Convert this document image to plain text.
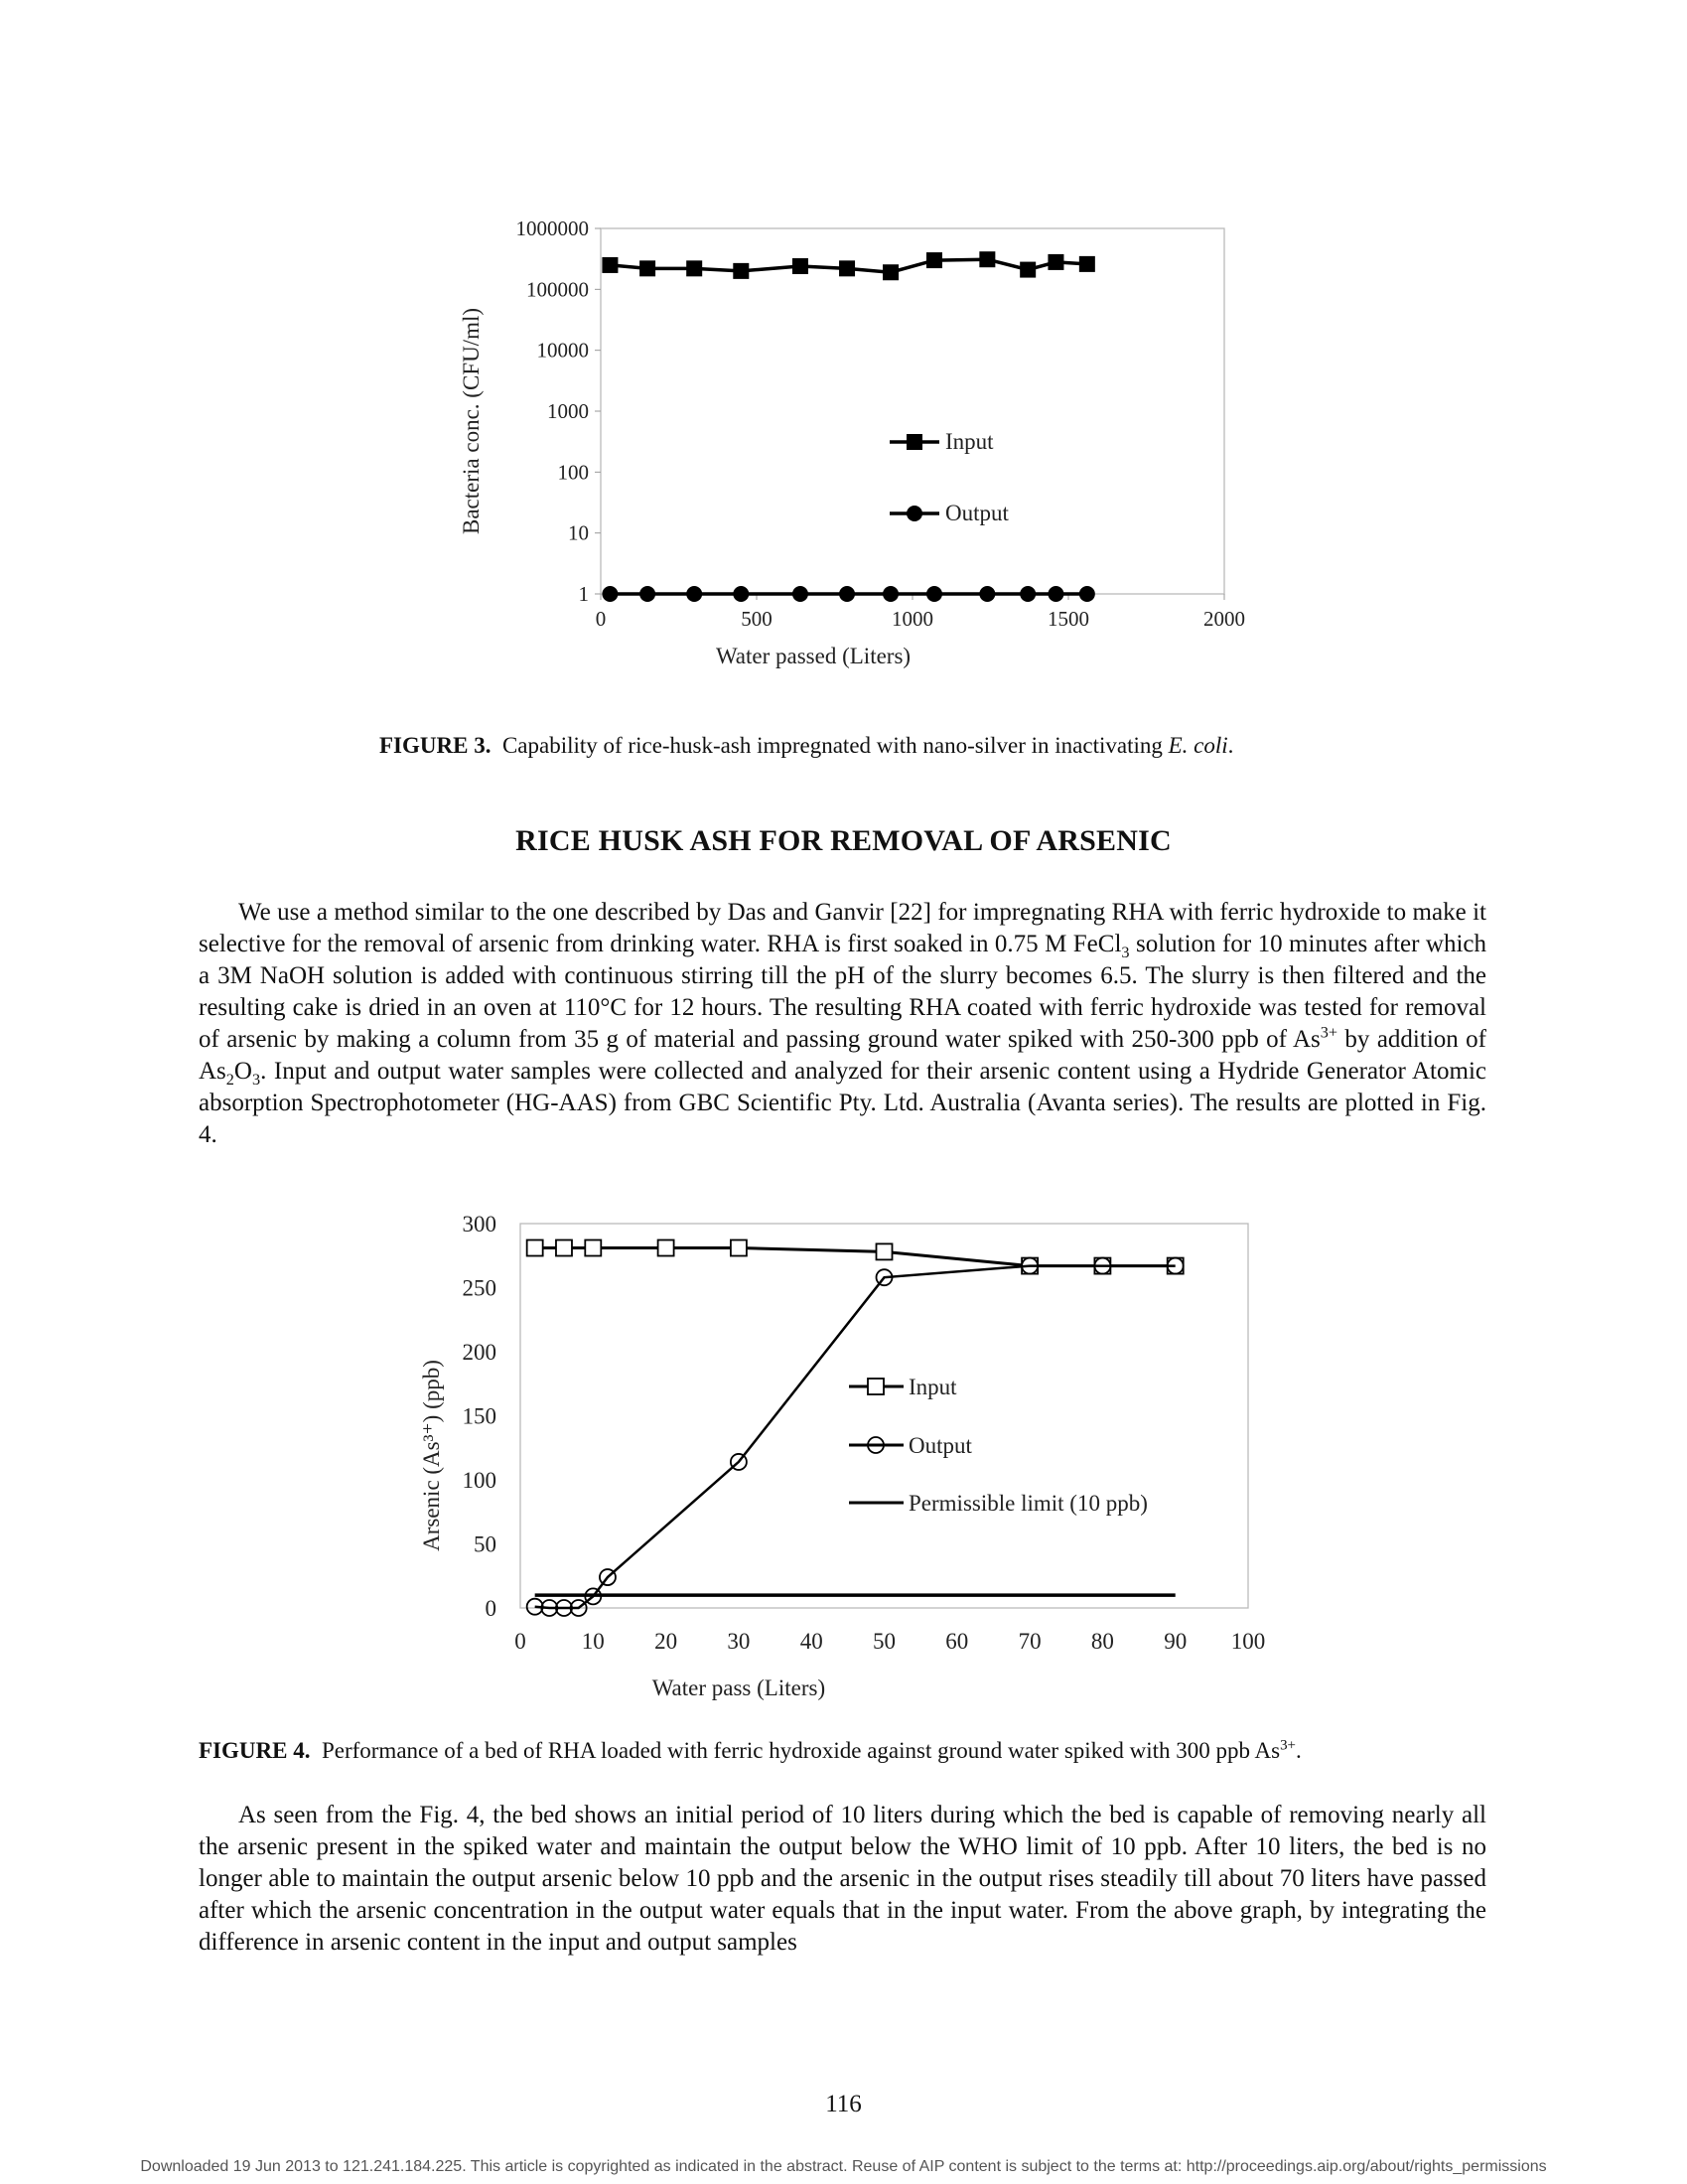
1
10
100
1000
10000
100000
1000000
0	500	1000	1500	2000
Water passed (Liters)
Bacteria conc. (CFU/ml)	Input
Output
FIGURE 3. Capability of rice-husk-ash impregnated with nano-silver in inactivating E. coli.
RICE HUSK ASH FOR REMOVAL OF ARSENIC

We use a method similar to the one described by Das and Ganvir [22] for impregnating RHA with ferric hydroxide to make it selective for the removal of arsenic from drinking water. RHA is first soaked in 0.75 M FeCl$_3$ solution for 10 minutes after which a 3M NaOH solution is added with continuous stirring till the pH of the slurry becomes 6.5. The slurry is then filtered and the resulting cake is dried in an oven at 110°C for 12 hours. The resulting RHA coated with ferric hydroxide was tested for removal of arsenic by making a column from 35 g of material and passing ground water spiked with 250-300 ppb of $As^{3+}$ by addition of $As_2O_3$. Input and output water samples were collected and analyzed for their arsenic content using a Hydride Generator Atomic absorption Spectrophotometer (HG-AAS) from GBC Scientific Pty. Ltd. Australia (Avanta series). The results are plotted in Fig. 4.

0
50
100
150
200
250
300
0 10 20 30 40 50 60 70 80 90 100
Water pass (Liters)
Arsenic (As³⁺) (ppb)	Input
Output
Permissible limit (10 ppb)
FIGURE 4. Performance of a bed of RHA loaded with ferric hydroxide against ground water spiked with 300 ppb $As^{3+}$.

As seen from the Fig. 4, the bed shows an initial period of 10 liters during which the bed is capable of removing nearly all the arsenic present in the spiked water and maintain the output below the WHO limit of 10 ppb. After 10 liters, the bed is no longer able to maintain the output arsenic below 10 ppb and the arsenic in the output rises steadily till about 70 liters have passed after which the arsenic concentration in the output water equals that in the input water. From the above graph, by integrating the difference in arsenic content in the input and output samples

116
Downloaded 19 Jun 2013 to 121.241.184.225. This article is copyrighted as indicated in the abstract. Reuse of AIP content is subject to the terms at: http://proceedings.aip.org/about/rights_permissions
